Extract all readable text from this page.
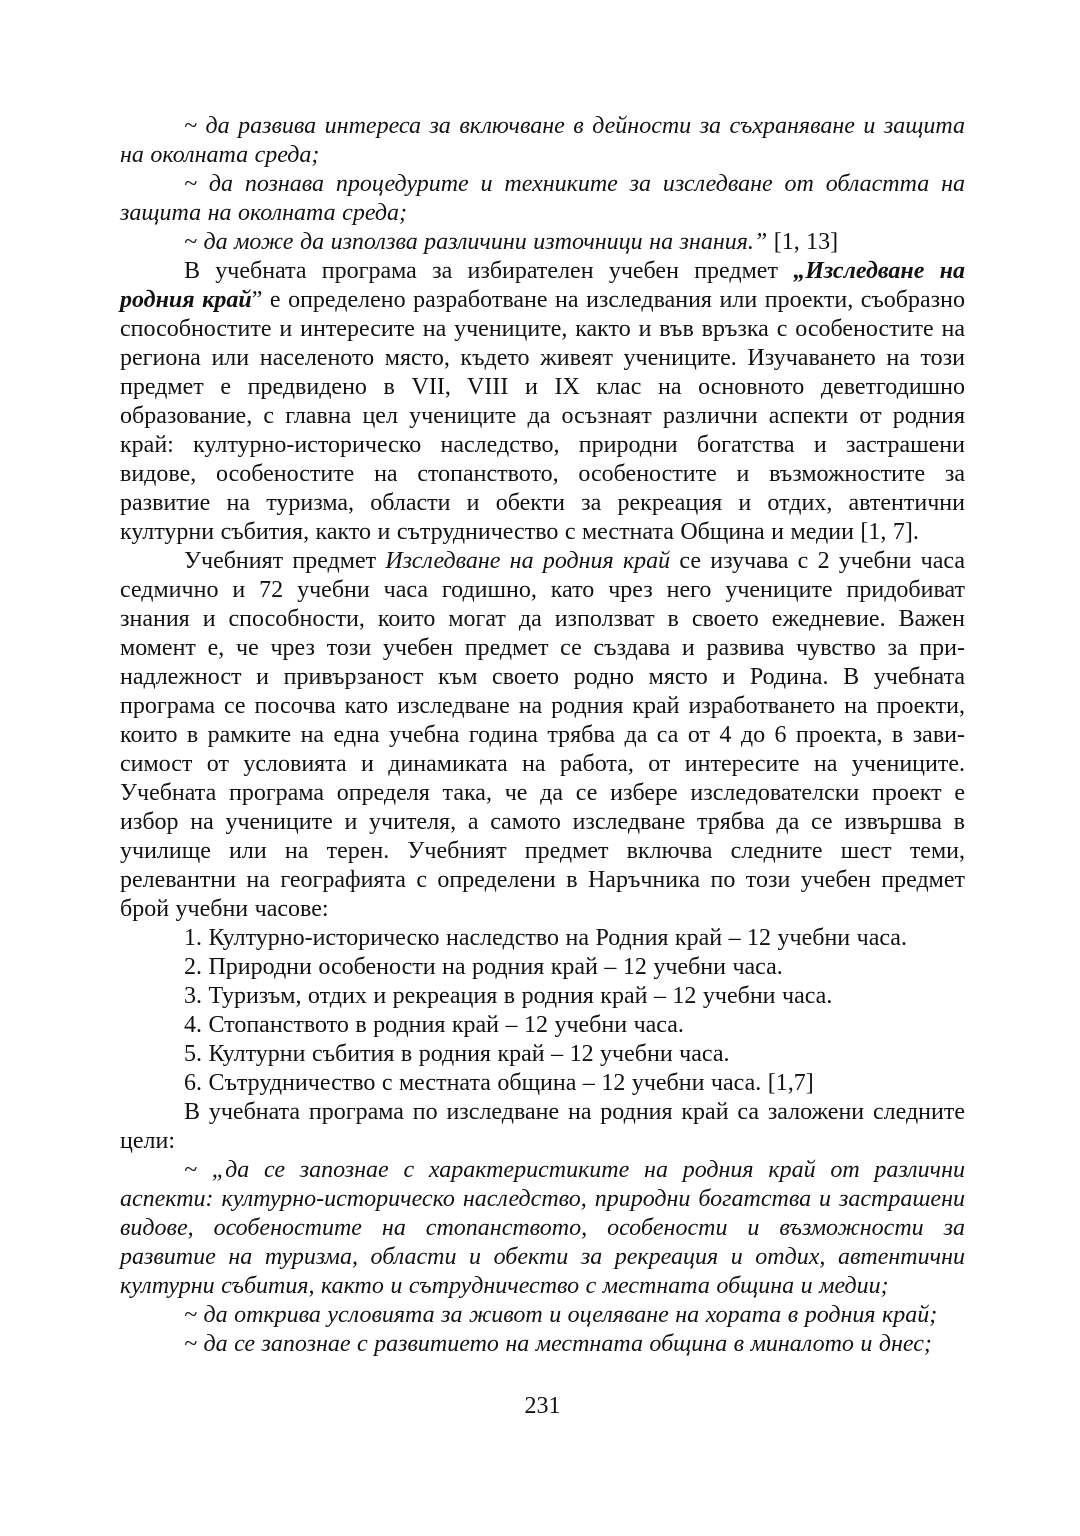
~ да развива интереса за включване в дейности за съхраняване и защита на околната среда;

~ да познава процедурите и техниките за изследване от областта на защита на околната среда;

~ да може да използва различини източници на знания.” [1, 13]

В учебната програма за избирателен учебен предмет „Изследване на родния край” е определено разработване на изследвания или проекти, съобразно способностите и интересите на учениците, както и във връзка с особеностите на региона или населеното място, където живеят учениците. Изучаването на този предмет е предвидено в VII, VIII и IX клас на основното деветгодишно образование, с главна цел учениците да осъзнаят различни аспекти от родния край: културно-историческо наследство, природни богатства и застрашени видове, особеностите на стопанството, особеностите и възможностите за развитие на туризма, области и обекти за рекреация и отдих, автентични културни събития, както и сътрудничество с местната Община и медии [1, 7].

Учебният предмет Изследване на родния край се изучава с 2 учебни часа седмично и 72 учебни часа годишно, като чрез него учениците придобиват знания и способности, които могат да използват в своето ежедневие. Важен момент е, че чрез този учебен предмет се създава и развива чувство за принадлежност и привързаност към своето родно място и Родина. В учебната програма се посочва като изследване на родния край изработването на проекти, които в рамките на една учебна година трябва да са от 4 до 6 проекта, в зависимост от условията и динамиката на работа, от интересите на учениците. Учебната програма определя така, че да се избере изследователски проект е избор на учениците и учителя, а самото изследване трябва да се извършва в училище или на терен. Учебният предмет включва следните шест теми, релевантни на географията с определени в Наръчника по този учебен предмет брой учебни часове:

1. Културно-историческо наследство на Родния край – 12 учебни часа.

2. Природни особености на родния край – 12 учебни часа.

3. Туризъм, отдих и рекреация в родния край – 12 учебни часа.

4. Стопанството в родния край – 12 учебни часа.

5. Културни събития в родния край – 12 учебни часа.

6. Сътрудничество с местната община – 12 учебни часа. [1,7]

В учебната програма по изследване на родния край са заложени следните цели:

~ „да се запознае с характеристиките на родния край от различни аспекти: културно-историческо наследство, природни богатства и застрашени видове, особеностите на стопанството, особености и възможности за развитие на туризма, области и обекти за рекреация и отдих, автентични културни събития, както и сътрудничество с местната община и медии;

~ да открива условията за живот и оцеляване на хората в родния край;

~ да се запознае с развитието на местната община в миналото и днес;

231
